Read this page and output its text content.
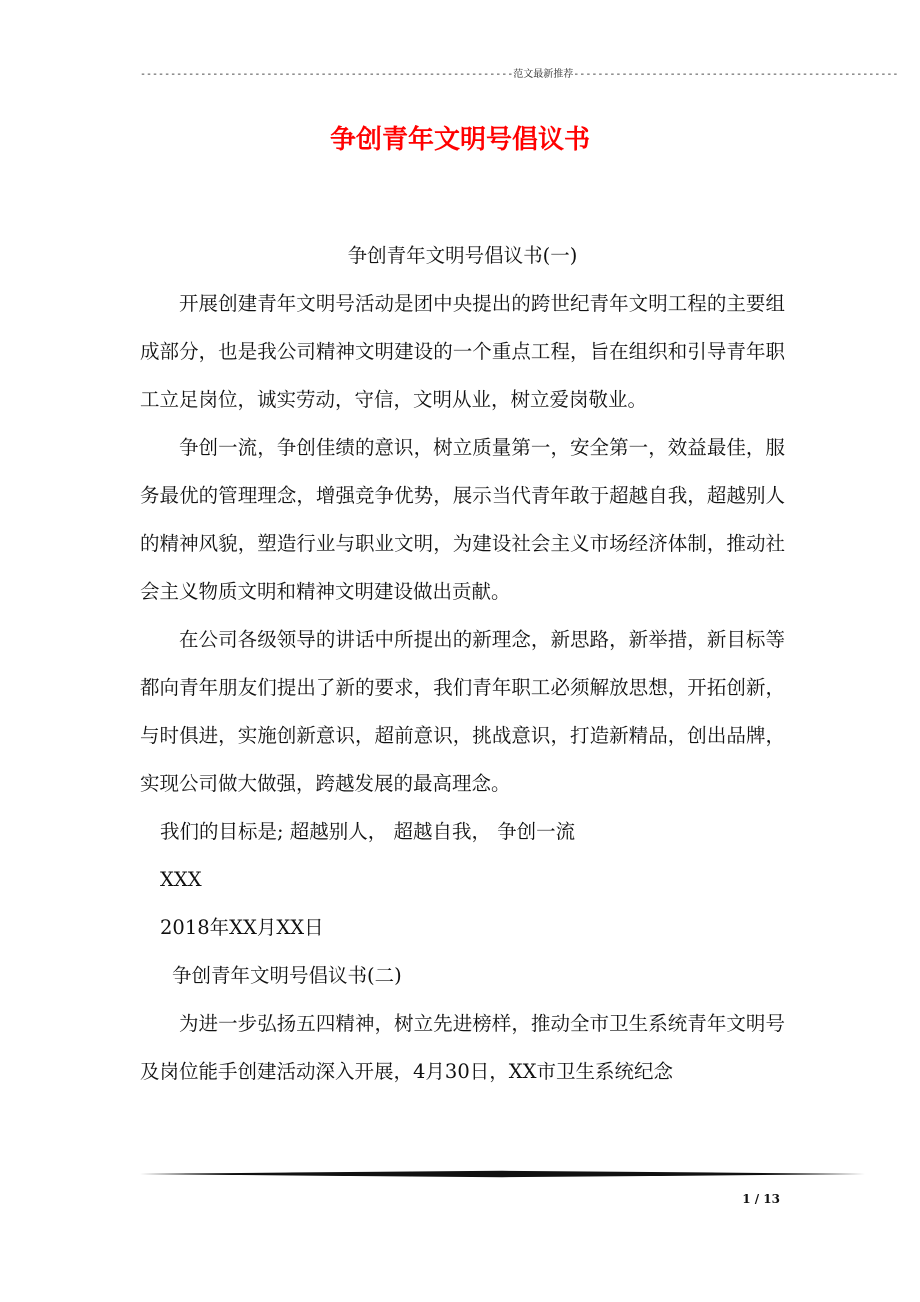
--------------------------------------------------------------范文最新推荐------------------------------------------------------
争创青年文明号倡议书

争创青年文明号倡议书(一)

开展创建青年文明号活动是团中央提出的跨世纪青年文明工程的主要组成部分，也是我公司精神文明建设的一个重点工程，旨在组织和引导青年职工立足岗位，诚实劳动，守信，文明从业，树立爱岗敬业。

争创一流，争创佳绩的意识，树立质量第一，安全第一，效益最佳，服务最优的管理理念，增强竞争优势，展示当代青年敢于超越自我，超越别人的精神风貌，塑造行业与职业文明，为建设社会主义市场经济体制，推动社会主义物质文明和精神文明建设做出贡献。

在公司各级领导的讲话中所提出的新理念，新思路，新举措，新目标等都向青年朋友们提出了新的要求，我们青年职工必须解放思想，开拓创新，与时俱进，实施创新意识，超前意识，挑战意识，打造新精品，创出品牌，实现公司做大做强，跨越发展的最高理念。

我们的目标是; 超越别人， 超越自我， 争创一流

XXX

2018年XX月XX日

争创青年文明号倡议书(二)

为进一步弘扬五四精神，树立先进榜样，推动全市卫生系统青年文明号及岗位能手创建活动深入开展，4月30日，XX市卫生系统纪念

1 / 13
